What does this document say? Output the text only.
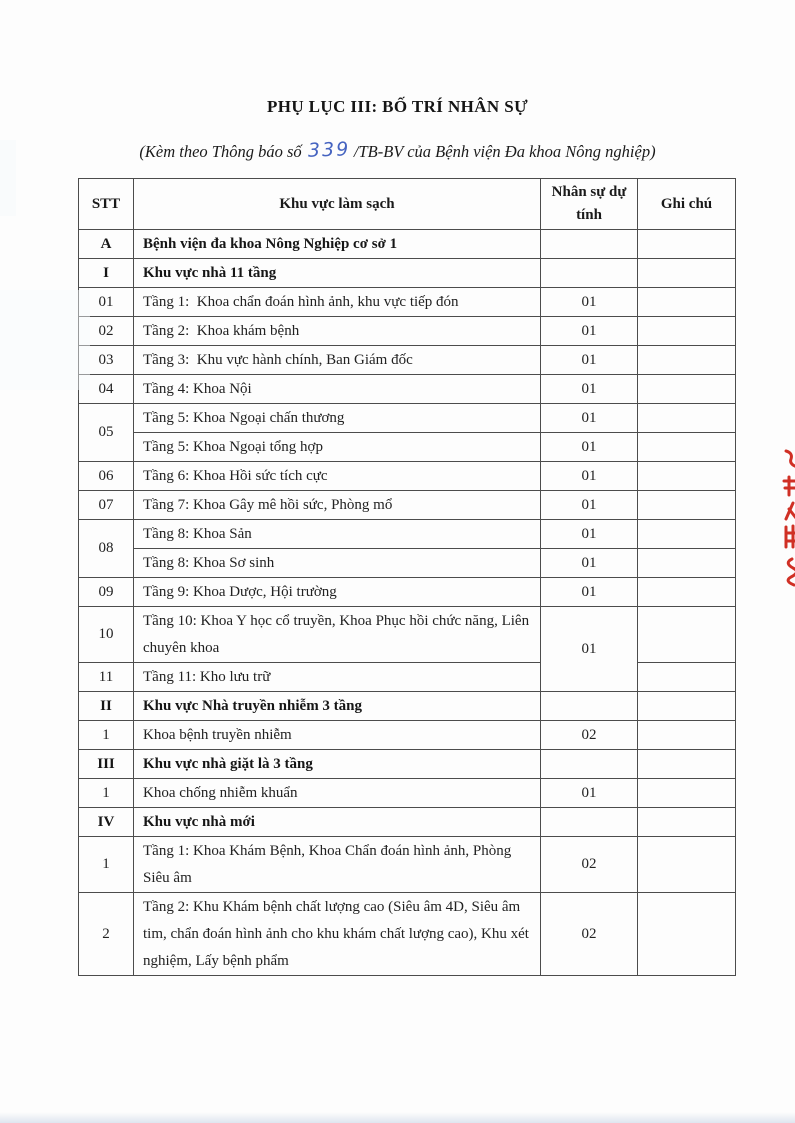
PHỤ LỤC III: BỐ TRÍ NHÂN SỰ
(Kèm theo Thông báo số 339 /TB-BV của Bệnh viện Đa khoa Nông nghiệp)
STT	Khu vực làm sạch	Nhân sự dự tính	Ghi chú
A	Bệnh viện đa khoa Nông Nghiệp cơ sở 1		
I	Khu vực nhà 11 tầng		
01	Tầng 1:  Khoa chẩn đoán hình ảnh, khu vực tiếp đón	01	
02	Tầng 2:  Khoa khám bệnh	01	
03	Tầng 3:  Khu vực hành chính, Ban Giám đốc	01	
04	Tầng 4: Khoa Nội	01	
05	Tầng 5: Khoa Ngoại chấn thương	01	
	Tầng 5: Khoa Ngoại tổng hợp	01	
06	Tầng 6: Khoa Hồi sức tích cực	01	
07	Tầng 7: Khoa Gây mê hồi sức, Phòng mổ	01	
08	Tầng 8: Khoa Sản	01	
	Tầng 8: Khoa Sơ sinh	01	
09	Tầng 9: Khoa Dược, Hội trường	01	
10	Tầng 10: Khoa Y học cổ truyền, Khoa Phục hồi chức năng, Liên chuyên khoa	01	
11	Tầng 11: Kho lưu trữ		
II	Khu vực Nhà truyền nhiễm 3 tầng		
1	Khoa bệnh truyền nhiễm	02	
III	Khu vực nhà giặt là 3 tầng		
1	Khoa chống nhiễm khuẩn	01	
IV	Khu vực nhà mới		
1	Tầng 1: Khoa Khám Bệnh, Khoa Chẩn đoán hình ảnh, Phòng Siêu âm	02	
2	Tầng 2: Khu Khám bệnh chất lượng cao (Siêu âm 4D, Siêu âm tim, chẩn đoán hình ảnh cho khu khám chất lượng cao), Khu xét nghiệm, Lấy bệnh phẩm	02	
